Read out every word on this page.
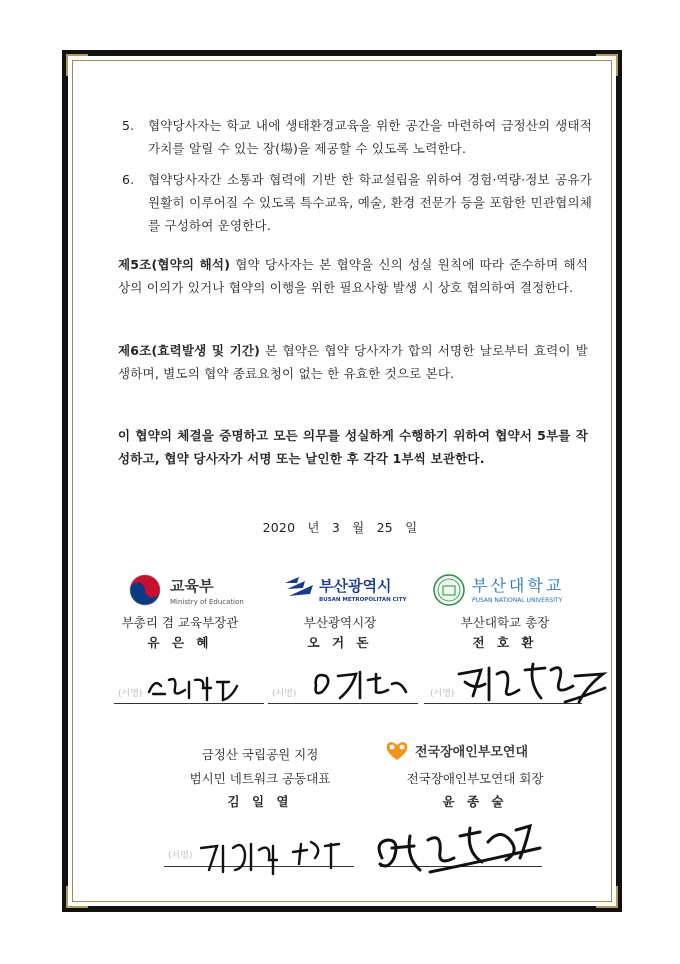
5. 협약당사자는 학교 내에 생태환경교육을 위한 공간을 마련하여 금정산의 생태적 가치를 알릴 수 있는 장(場)을 제공할 수 있도록 노력한다.
6. 협약당사자간 소통과 협력에 기반 한 학교설립을 위하여 경험·역량·정보 공유가 원활히 이루어질 수 있도록 특수교육, 예술, 환경 전문가 등을 포함한 민관협의체를 구성하여 운영한다.
제5조(협약의 해석) 협약 당사자는 본 협약을 신의 성실 원칙에 따라 준수하며 해석상의 이의가 있거나 협약의 이행을 위한 필요사항 발생 시 상호 협의하여 결정한다.
제6조(효력발생 및 기간) 본 협약은 협약 당사자가 합의 서명한 날로부터 효력이 발생하며, 별도의 협약 종료요청이 없는 한 유효한 것으로 본다.
이 협약의 체결을 증명하고 모든 의무를 성실하게 수행하기 위하여 협약서 5부를 작성하고, 협약 당사자가 서명 또는 날인한 후 각각 1부씩 보관한다.
2020 년 3 월 25 일
교육부
Ministry of Education
부산광역시
BUSAN METROPOLITAN CITY
부산대학교
PUSAN NATIONAL UNIVERSITY
부총리 겸 교육부장관
유 은 혜
부산광역시장
오 거 돈
부산대학교 총장
전 호 환
(서명)	(서명)	(서명)
금정산 국립공원 지정
범시민 네트워크 공동대표
김 일 열
전국장애인부모연대
전국장애인부모연대 회장
윤 종 술
(서명)
